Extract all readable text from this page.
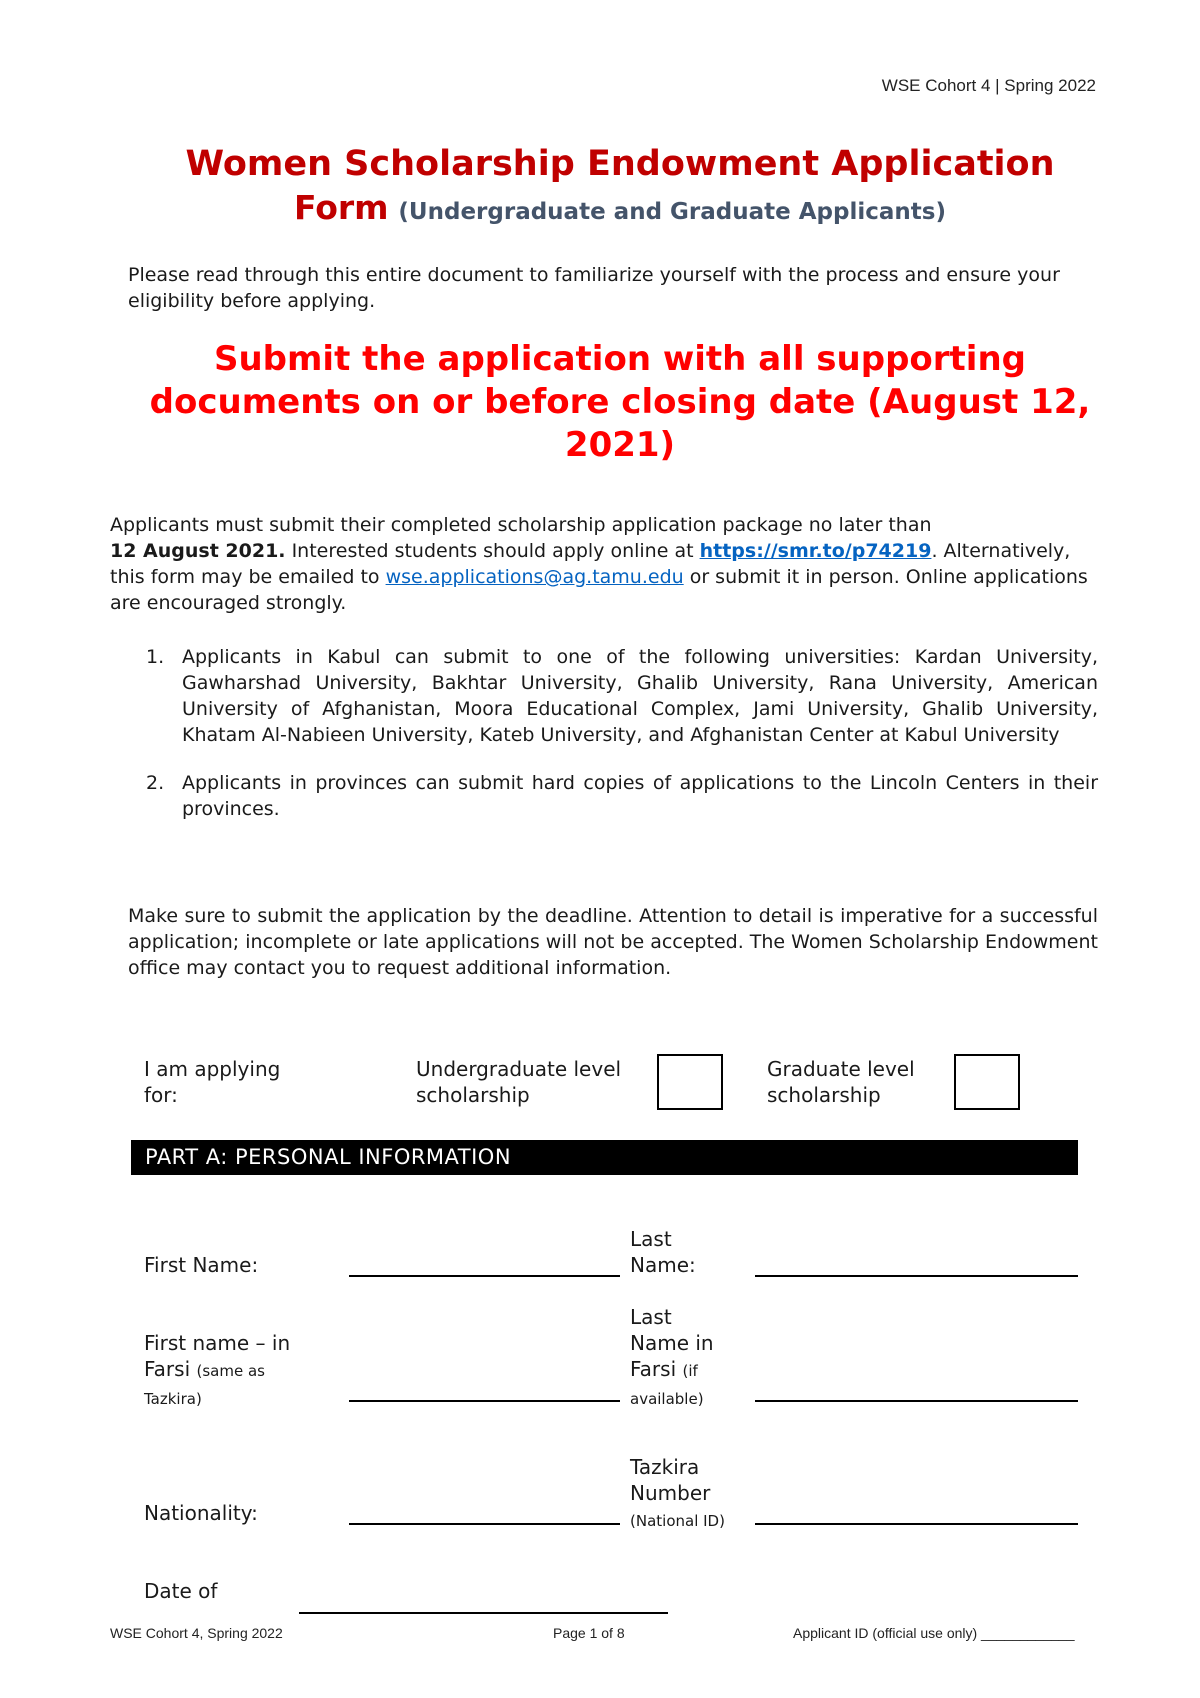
WSE Cohort 4 | Spring 2022
Women Scholarship Endowment Application
Form (Undergraduate and Graduate Applicants)
Please read through this entire document to familiarize yourself with the process and ensure your eligibility before applying.
Submit the application with all supporting documents on or before closing date (August 12, 2021)
Applicants must submit their completed scholarship application package no later than
12 August 2021. Interested students should apply online at https://smr.to/p74219. Alternatively, this form may be emailed to wse.applications@ag.tamu.edu or submit it in person. Online applications are encouraged strongly.
1. Applicants in Kabul can submit to one of the following universities: Kardan University, Gawharshad University, Bakhtar University, Ghalib University, Rana University, American University of Afghanistan, Moora Educational Complex, Jami University, Ghalib University, Khatam Al-Nabieen University, Kateb University, and Afghanistan Center at Kabul University
2. Applicants in provinces can submit hard copies of applications to the Lincoln Centers in their provinces.
Make sure to submit the application by the deadline. Attention to detail is imperative for a successful application; incomplete or late applications will not be accepted. The Women Scholarship Endowment office may contact you to request additional information.
I am applying for:
Undergraduate level scholarship
Graduate level scholarship
PART A: PERSONAL INFORMATION
First Name:
Last Name:
First name – in Farsi (same as Tazkira)
Last Name in Farsi (if available)
Nationality:
Tazkira Number (National ID)
Date of
WSE Cohort 4, Spring 2022	Page 1 of 8	Applicant ID (official use only) ____________
